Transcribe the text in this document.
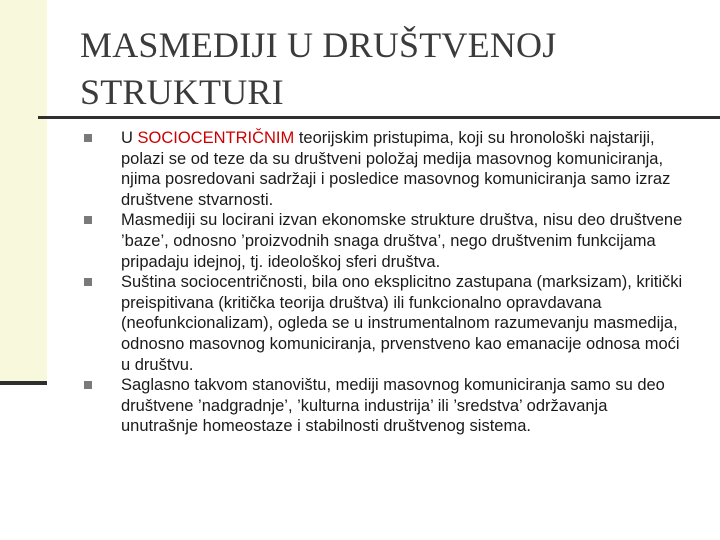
MASMEDIJI U DRUŠTVENOJ STRUKTURI
U SOCIOCENTRIČNIM teorijskim pristupima, koji su hronološki najstariji, polazi se od teze da su društveni položaj medija masovnog komuniciranja, njima posredovani sadržaji i posledice masovnog komuniciranja samo izraz društvene stvarnosti.
Masmediji su locirani izvan ekonomske strukture društva, nisu deo društvene ’baze’, odnosno ’proizvodnih snaga društva’, nego društvenim funkcijama pripadaju idejnoj, tj. ideološkoj sferi društva.
Suština sociocentričnosti, bila ono eksplicitno zastupana (marksizam), kritički preispitivana (kritička teorija društva) ili funkcionalno opravdavana (neofunkcionalizam), ogleda se u instrumentalnom razumevanju masmedija, odnosno masovnog komuniciranja, prvenstveno kao emanacije odnosa moći u društvu.
Saglasno takvom stanovištu, mediji masovnog komuniciranja samo su deo društvene ’nadgradnje’, ’kulturna industrija’ ili ’sredstva’ održavanja unutrašnje homeostaze i stabilnosti društvenog sistema.
